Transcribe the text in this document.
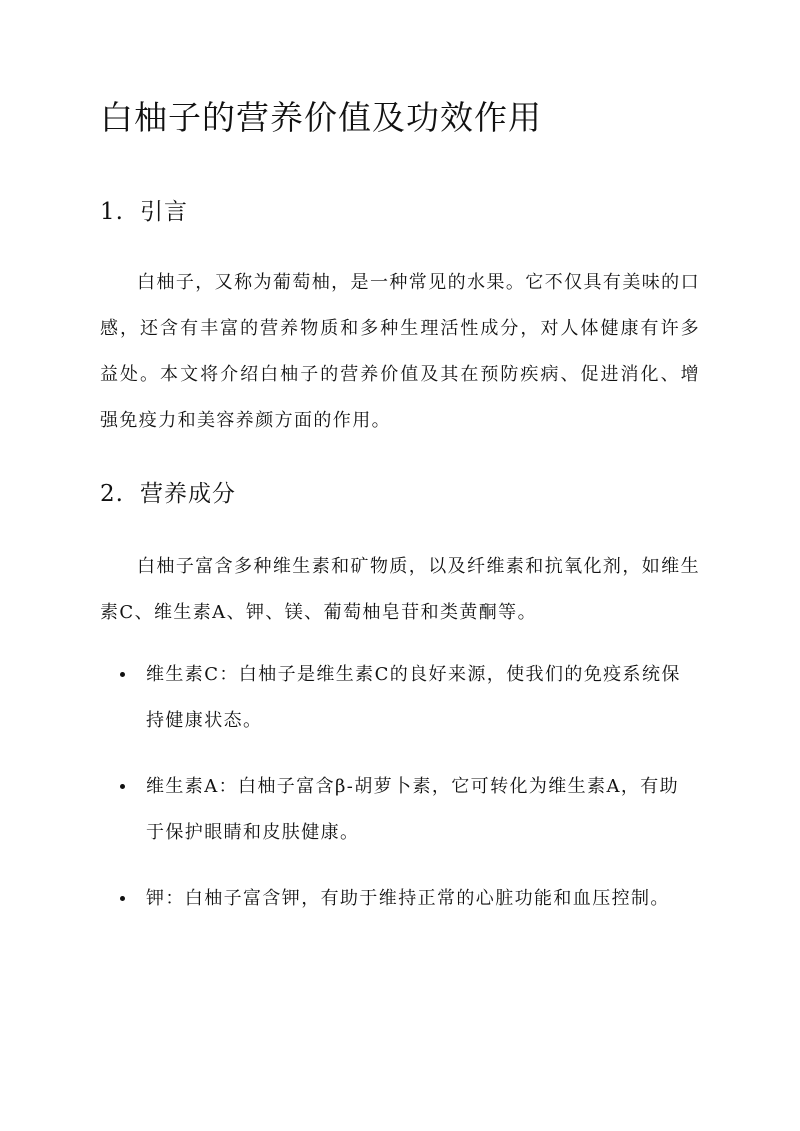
白柚子的营养价值及功效作用
1. 引言

白柚子，又称为葡萄柚，是一种常见的水果。它不仅具有美味的口感，还含有丰富的营养物质和多种生理活性成分，对人体健康有许多益处。本文将介绍白柚子的营养价值及其在预防疾病、促进消化、增强免疫力和美容养颜方面的作用。

2. 营养成分

白柚子富含多种维生素和矿物质，以及纤维素和抗氧化剂，如维生素C、维生素A、钾、镁、葡萄柚皂苷和类黄酮等。

维生素C：白柚子是维生素C的良好来源，使我们的免疫系统保持健康状态。
维生素A：白柚子富含β-胡萝卜素，它可转化为维生素A，有助于保护眼睛和皮肤健康。
钾：白柚子富含钾，有助于维持正常的心脏功能和血压控制。
